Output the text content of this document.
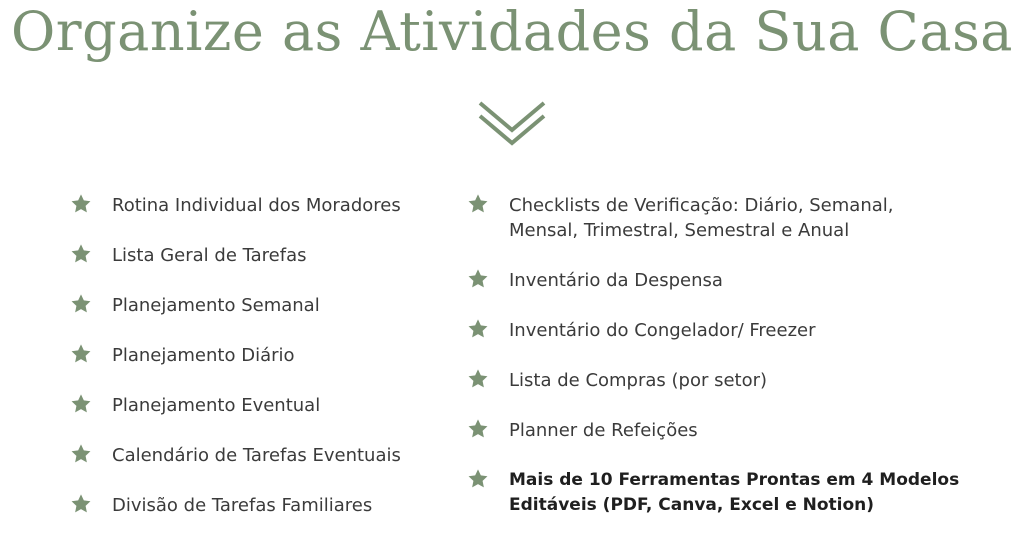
Organize as Atividades da Sua Casa
Rotina Individual dos Moradores
Lista Geral de Tarefas
Planejamento Semanal
Planejamento Diário
Planejamento Eventual
Calendário de Tarefas Eventuais
Divisão de Tarefas Familiares
Checklists de Verificação: Diário, Semanal, Mensal, Trimestral, Semestral e Anual
Inventário da Despensa
Inventário do Congelador/ Freezer
Lista de Compras (por setor)
Planner de Refeições
Mais de 10 Ferramentas Prontas em 4 Modelos Editáveis (PDF, Canva, Excel e Notion)
